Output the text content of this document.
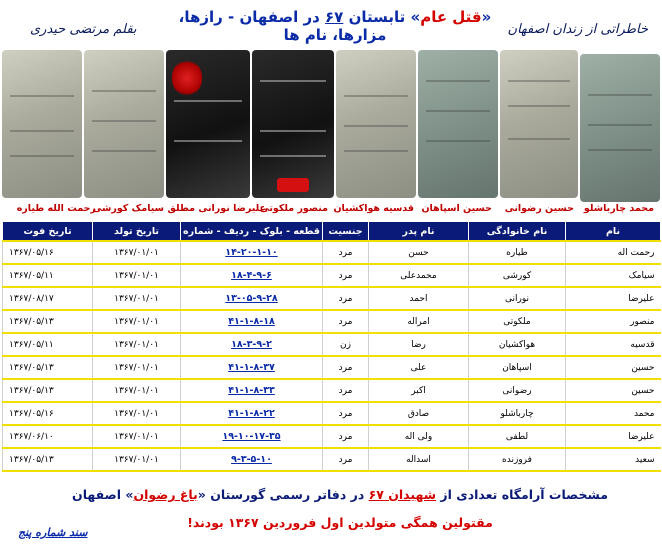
«قتل عام» تابستان ۶۷ در اصفهان - رازها، مزارها، نام ها	خاطراتی از زندان اصفهان
بقلم مرتضی حیدری
محمد چارباشلو
حسین رضوانی
حسین اسپاهان
قدسیه هواکشیان
منصور ملکوتی
علیرضا نورانی مطلق
سیامک کورشی
رحمت الله طیاره
نام	نام خانوادگی	نام پدر	جنسیت	قطعه - بلوک - ردیف - شماره	تاریخ تولد	تاریخ فوت
رحمت اله	طیاره	حسن	مرد	۱۴-۲۰-۱-۱۰	۱۳۶۷/۰۱/۰۱	۱۳۶۷/۰۵/۱۶
سیامک	کورشی	محمدعلی	مرد	۱۸-۴-۹-۶	۱۳۶۷/۰۱/۰۱	۱۳۶۷/۰۵/۱۱
علیرضا	نورانی	احمد	مرد	۱۳-۰۵-۹-۲۸	۱۳۶۷/۰۱/۰۱	۱۳۶۷/۰۸/۱۷
منصور	ملکوتی	امراله	مرد	۴۱-۱-۸-۱۸	۱۳۶۷/۰۱/۰۱	۱۳۶۷/۰۵/۱۳
قدسیه	هواکشیان	رضا	زن	۱۸-۳-۹-۲	۱۳۶۷/۰۱/۰۱	۱۳۶۷/۰۵/۱۱
حسین	اسپاهان	علی	مرد	۴۱-۱-۸-۳۷	۱۳۶۷/۰۱/۰۱	۱۳۶۷/۰۵/۱۳
حسین	رضوانی	اکبر	مرد	۴۱-۱-۸-۳۳	۱۳۶۷/۰۱/۰۱	۱۳۶۷/۰۵/۱۳
محمد	چارباشلو	صادق	مرد	۴۱-۱-۸-۲۲	۱۳۶۷/۰۱/۰۱	۱۳۶۷/۰۵/۱۶
علیرضا	لطفی	ولی اله	مرد	۱۹-۱۰-۱۷-۳۵	۱۳۶۷/۰۱/۰۱	۱۳۶۷/۰۶/۱۰
سعید	فروزنده	اسداله	مرد	۹-۳-۵-۱۰	۱۳۶۷/۰۱/۰۱	۱۳۶۷/۰۵/۱۳
مشخصات آرامگاه تعدادی از شهیدان ۶۷ در دفاتر رسمی گورستان «باغ رضوان» اصفهان
مقتولین همگی متولدین اول فروردین ۱۳۶۷ بودند!
سند شماره پنج
